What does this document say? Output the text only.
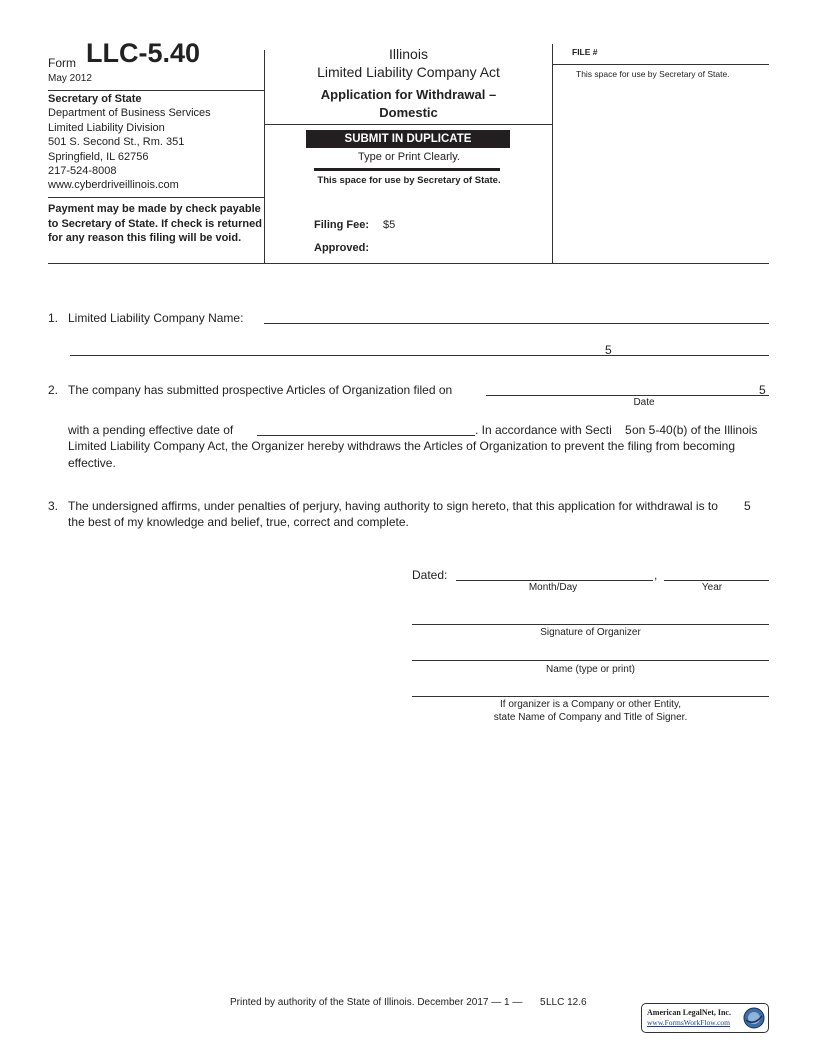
Form LLC-5.40
May 2012
Secretary of State
Department of Business Services
Limited Liability Division
501 S. Second St., Rm. 351
Springfield, IL 62756
217-524-8008
www.cyberdriveillinois.com
Payment may be made by check payable to Secretary of State. If check is returned for any reason this filing will be void.
Illinois
Limited Liability Company Act
Application for Withdrawal –
Domestic
SUBMIT IN DUPLICATE
Type or Print Clearly.
This space for use by Secretary of State.
Filing Fee: $5
Approved:
FILE #
This space for use by Secretary of State.
1. Limited Liability Company Name:
5
2. The company has submitted prospective Articles of Organization filed on	5
Date
with a pending effective date of	. In accordance with Secti 5 on 5-40(b) of the Illinois
Limited Liability Company Act, the Organizer hereby withdraws the Articles of Organization to prevent the filing from becoming
effective.
3. The undersigned affirms, under penalties of perjury, having authority to sign hereto, that this application for withdrawal is to 5
the best of my knowledge and belief, true, correct and complete.
Dated:	,
Month/Day	Year
Signature of Organizer
Name (type or print)
If organizer is a Company or other Entity,
state Name of Company and Title of Signer.
Printed by authority of the State of Illinois. December 2017 — 1 — 5 LLC 12.6
American LegalNet, Inc.
www.FormsWorkFlow.com
